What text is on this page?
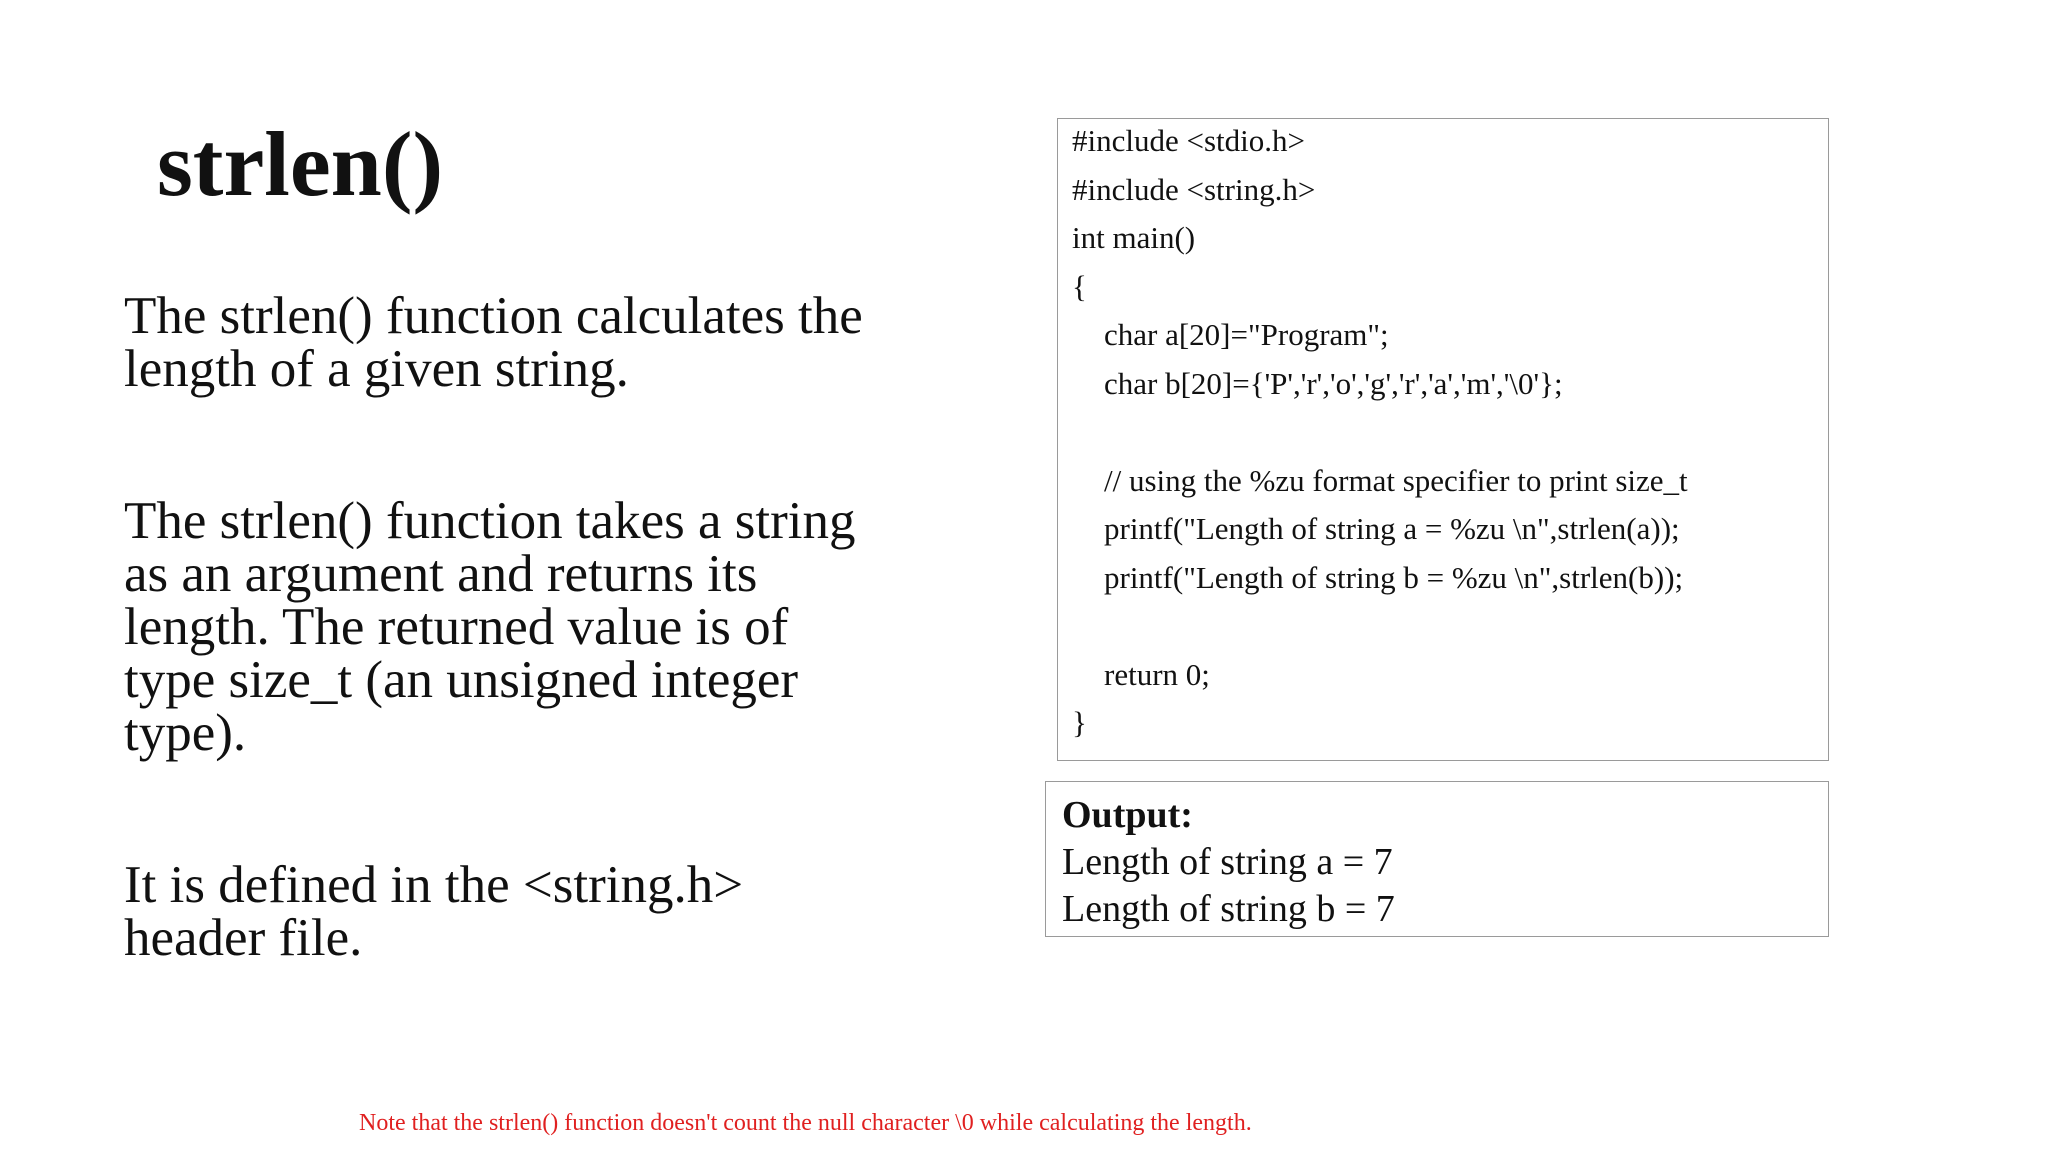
strlen()

The strlen() function calculates the length of a given string.

The strlen() function takes a string as an argument and returns its length. The returned value is of type size_t (an unsigned integer type).

It is defined in the <string.h> header file.

#include <stdio.h>
#include <string.h>
int main()
{
char a[20]="Program";
char b[20]={'P','r','o','g','r','a','m','\0'};
// using the %zu format specifier to print size_t
printf("Length of string a = %zu \n",strlen(a));
printf("Length of string b = %zu \n",strlen(b));
return 0;
}
Output:
Length of string a = 7
Length of string b = 7

Note that the strlen() function doesn't count the null character \0 while calculating the length.
